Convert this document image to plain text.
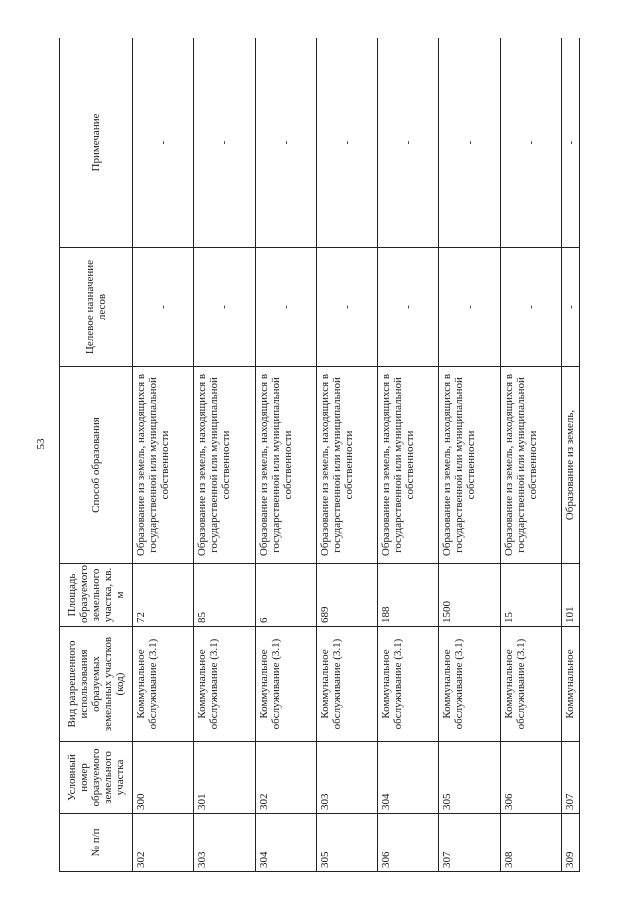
53
№ п/п	Условный номер образуемого земельного участка	Вид разрешенного использования образуемых земельных участков (код)	Площадь образуемого земельного участка, кв. м	Способ образования	Целевое назначение лесов	Примечание
302	300	Коммунальное обслуживание (3.1)	72	Образование из земель, находящихся в государственной или муниципальной собственности	-	-
303	301	Коммунальное обслуживание (3.1)	85	Образование из земель, находящихся в государственной или муниципальной собственности	-	-
304	302	Коммунальное обслуживание (3.1)	6	Образование из земель, находящихся в государственной или муниципальной собственности	-	-
305	303	Коммунальное обслуживание (3.1)	689	Образование из земель, находящихся в государственной или муниципальной собственности	-	-
306	304	Коммунальное обслуживание (3.1)	188	Образование из земель, находящихся в государственной или муниципальной собственности	-	-
307	305	Коммунальное обслуживание (3.1)	1500	Образование из земель, находящихся в государственной или муниципальной собственности	-	-
308	306	Коммунальное обслуживание (3.1)	15	Образование из земель, находящихся в государственной или муниципальной собственности	-	-
309	307	Коммунальное	101	Образование из земель,	-	-
